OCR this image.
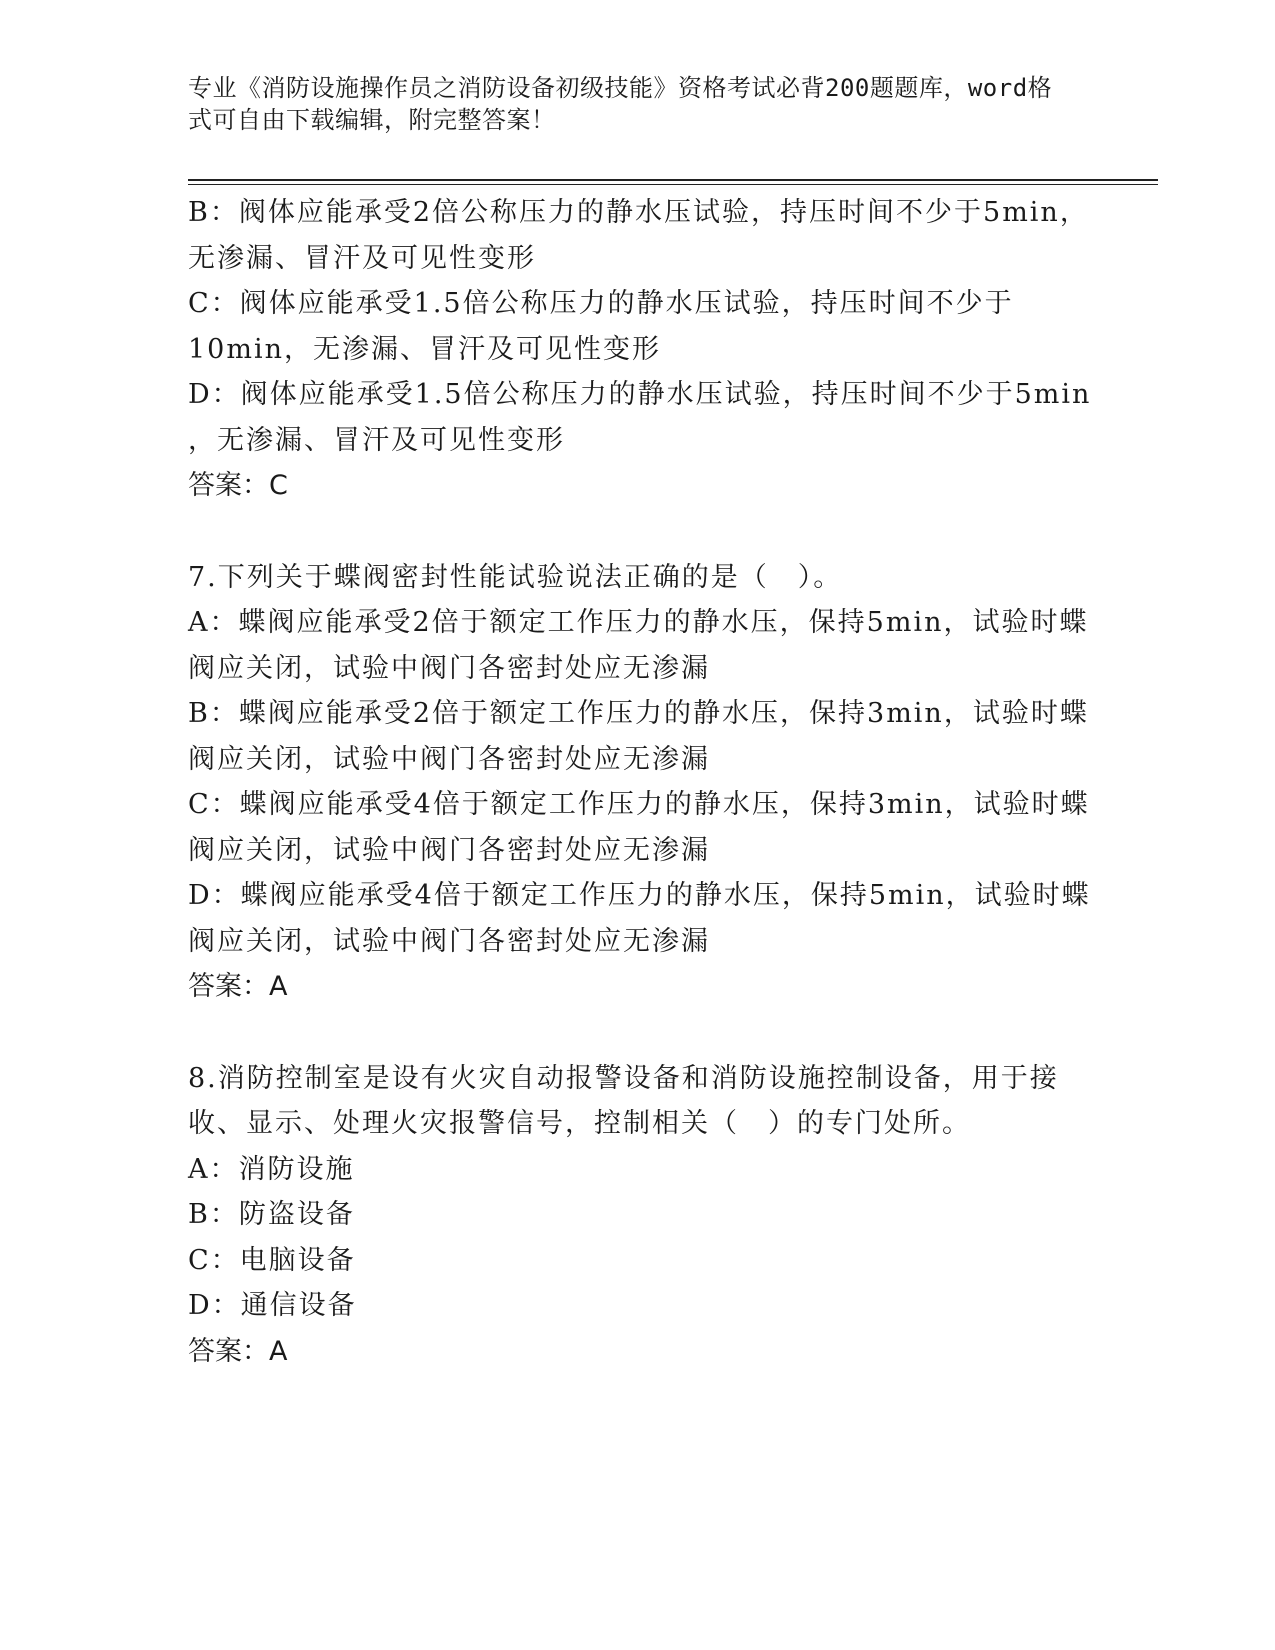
专业《消防设施操作员之消防设备初级技能》资格考试必背200题题库，word格
式可自由下载编辑，附完整答案！
B：阀体应能承受2倍公称压力的静水压试验，持压时间不少于5min，
无渗漏、冒汗及可见性变形
C：阀体应能承受1.5倍公称压力的静水压试验，持压时间不少于
10min，无渗漏、冒汗及可见性变形
D：阀体应能承受1.5倍公称压力的静水压试验，持压时间不少于5min
，无渗漏、冒汗及可见性变形
答案：C
7.下列关于蝶阀密封性能试验说法正确的是（　）。
A：蝶阀应能承受2倍于额定工作压力的静水压，保持5min，试验时蝶
阀应关闭，试验中阀门各密封处应无渗漏
B：蝶阀应能承受2倍于额定工作压力的静水压，保持3min，试验时蝶
阀应关闭，试验中阀门各密封处应无渗漏
C：蝶阀应能承受4倍于额定工作压力的静水压，保持3min，试验时蝶
阀应关闭，试验中阀门各密封处应无渗漏
D：蝶阀应能承受4倍于额定工作压力的静水压，保持5min，试验时蝶
阀应关闭，试验中阀门各密封处应无渗漏
答案：A
8.消防控制室是设有火灾自动报警设备和消防设施控制设备，用于接
收、显示、处理火灾报警信号，控制相关（　）的专门处所。
A：消防设施
B：防盗设备
C：电脑设备
D：通信设备
答案：A
